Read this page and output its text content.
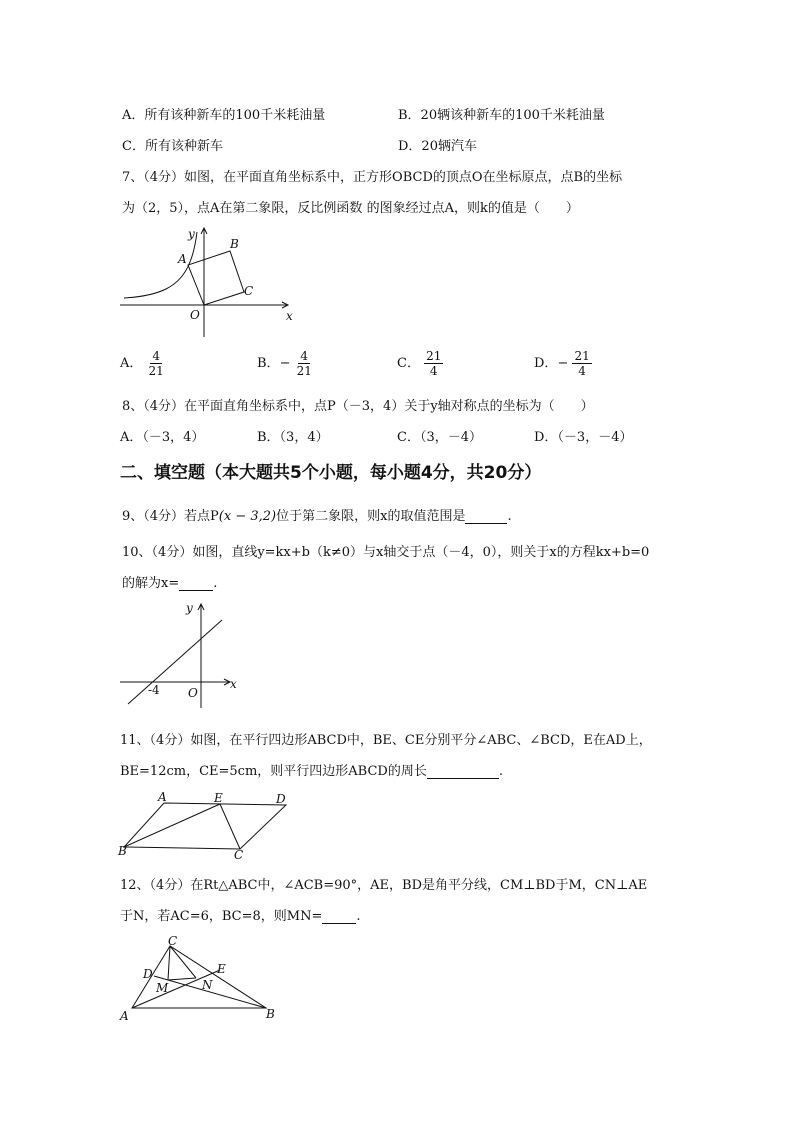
A．所有该种新车的100千米耗油量	B．20辆该种新车的100千米耗油量
C．所有该种新车	D．20辆汽车
7、（4分）如图，在平面直角坐标系中，正方形OBCD的顶点O在坐标原点，点B的坐标
为（2，5），点A在第二象限，反比例函数 的图象经过点A，则k的值是（　　）
A
B
C
O	x
y
A． $\frac{4}{21}$	B．− $\frac{4}{21}$	C． $\frac{21}{4}$	D．− $\frac{21}{4}$
8、（4分）在平面直角坐标系中，点P（－3，4）关于y轴对称点的坐标为（　　）
A．（－3，4）	B．（3，4）	C．（3，－4）	D．（－3，－4）
二、填空题（本大题共5个小题，每小题4分，共20分）
9、（4分）若点P(x − 3,2)位于第二象限，则x的取值范围是	.
10、（4分）如图，直线y=kx+b（k≠0）与x轴交于点（－4，0），则关于x的方程kx+b=0
的解为x=	.
y
x
O
-4
11、（4分）如图，在平行四边形ABCD中，BE、CE分别平分∠ABC、∠BCD，E在AD上，
BE=12cm，CE=5cm，则平行四边形ABCD的周长	.
A	E	D
B	C
12、（4分）在Rt△ABC中，∠ACB=90°，AE，BD是角平分线，CM⊥BD于M，CN⊥AE
于N，若AC=6，BC=8，则MN=	.
C
D	E
M	N
A	B
